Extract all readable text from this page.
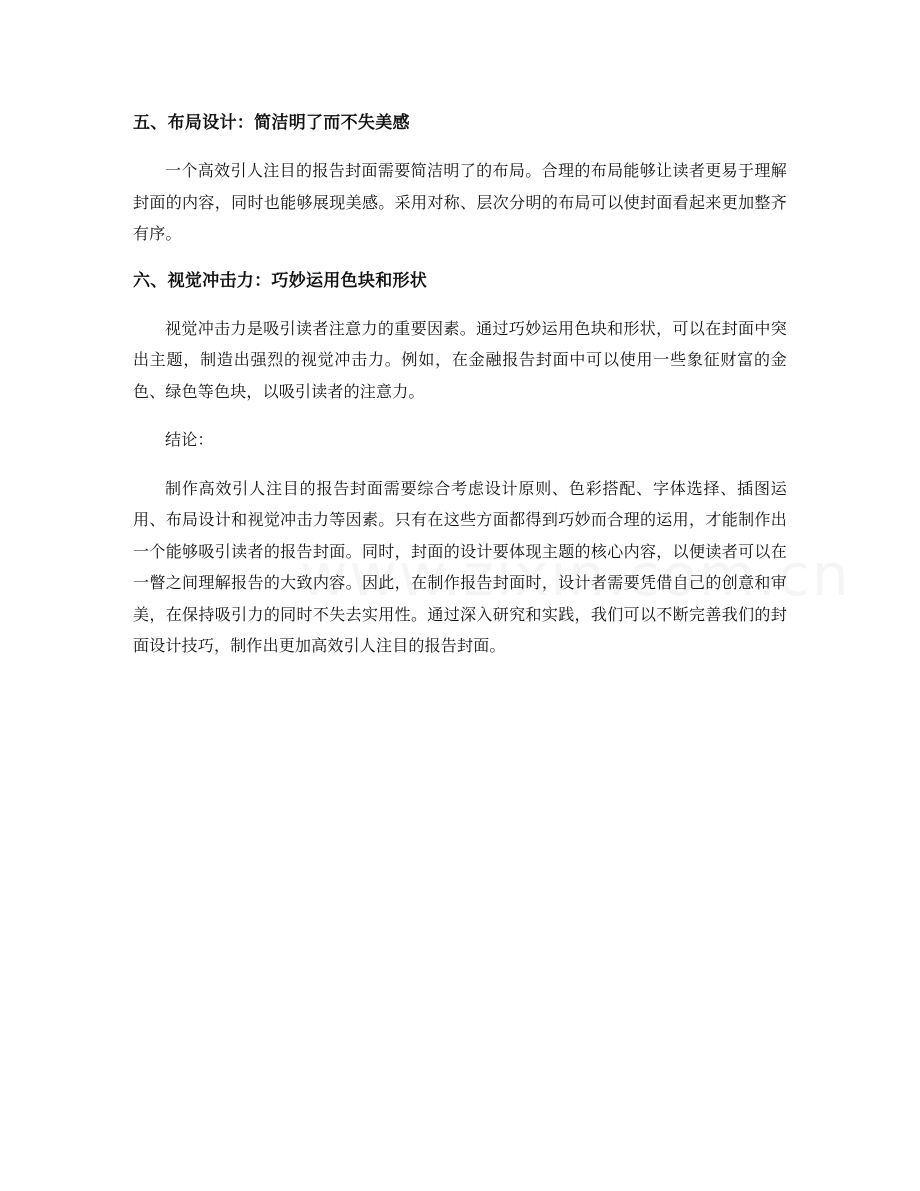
五、布局设计：简洁明了而不失美感

一个高效引人注目的报告封面需要简洁明了的布局。合理的布局能够让读者更易于理解封面的内容，同时也能够展现美感。采用对称、层次分明的布局可以使封面看起来更加整齐有序。

六、视觉冲击力：巧妙运用色块和形状

视觉冲击力是吸引读者注意力的重要因素。通过巧妙运用色块和形状，可以在封面中突出主题，制造出强烈的视觉冲击力。例如，在金融报告封面中可以使用一些象征财富的金色、绿色等色块，以吸引读者的注意力。

结论：

制作高效引人注目的报告封面需要综合考虑设计原则、色彩搭配、字体选择、插图运用、布局设计和视觉冲击力等因素。只有在这些方面都得到巧妙而合理的运用，才能制作出一个能够吸引读者的报告封面。同时，封面的设计要体现主题的核心内容，以便读者可以在一瞥之间理解报告的大致内容。因此，在制作报告封面时，设计者需要凭借自己的创意和审美，在保持吸引力的同时不失去实用性。通过深入研究和实践，我们可以不断完善我们的封面设计技巧，制作出更加高效引人注目的报告封面。
